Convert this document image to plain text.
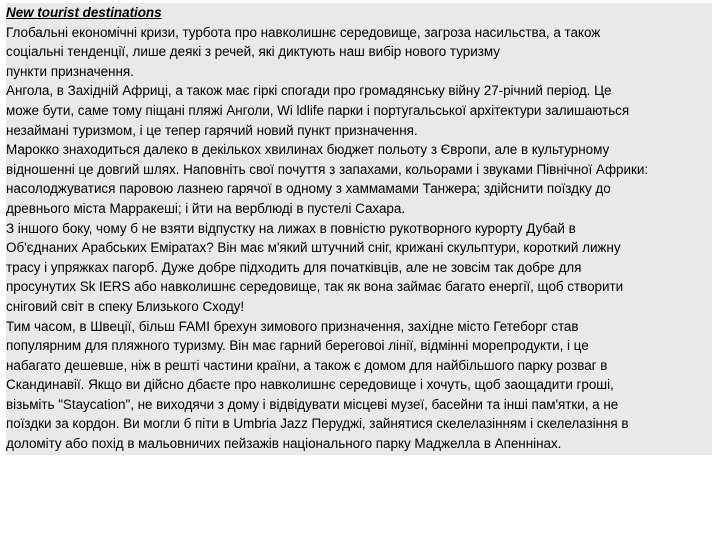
New tourist destinations
Глобальні економічні кризи, турбота про навколишнє середовище, загроза насильства, а також
соціальні тенденції, лише деякі з речей, які диктують наш вибір нового туризму
пункти призначення.
Ангола, в Західній Африці, а також має гіркі спогади про громадянську війну 27-річний період. Це
може бути, саме тому піщані пляжі Анголи, Wi ldlife парки і португальської архітектури залишаються
незаймані туризмом, і це тепер гарячий новий пункт призначення.
Марокко знаходиться далеко в декількох хвилинах бюджет польоту з Європи, але в культурному
відношенні це довгий шлях. Наповніть свої почуття з запахами, кольорами і звуками Північної Африки:
насолоджуватися паровою лазнею гарячої в одному з хаммамами Танжера; здійснити поїздку до
древнього міста Марракеші; і йти на верблюді в пустелі Сахара.
З іншого боку, чому б не взяти відпустку на лижах в повністю рукотворного курорту Дубай в
Об'єднаних Арабських Еміратах? Він має м'який штучний сніг, крижані скульптури, короткий лижну
трасу і упряжках пагорб. Дуже добре підходить для початківців, але не зовсім так добре для
просунутих Sk IERS або навколишнє середовище, так як вона займає багато енергії, щоб створити
сніговий світ в спеку Близького Сходу!
Тим часом, в Швеції, більш FAMI брехун зимового призначення, західне місто Гетеборг став
популярним для пляжного туризму. Він має гарний береговоі лінії, відмінні морепродукти, і це
набагато дешевше, ніж в решті частини країни, а також є домом для найбільшого парку розваг в
Скандинавії. Якщо ви дійсно дбаєте про навколишнє середовище і хочуть, щоб заощадити гроші,
візьміть "Staycation", не виходячи з дому і відвідувати місцеві музеї, басейни та інші пам'ятки, а не
поїздки за кордон. Ви могли б піти в Umbria Jazz Перуджі, зайнятися скелелазінням і скелелазіння в
доломіту або похід в мальовничих пейзажів національного парку Маджелла в Апеннінах.
